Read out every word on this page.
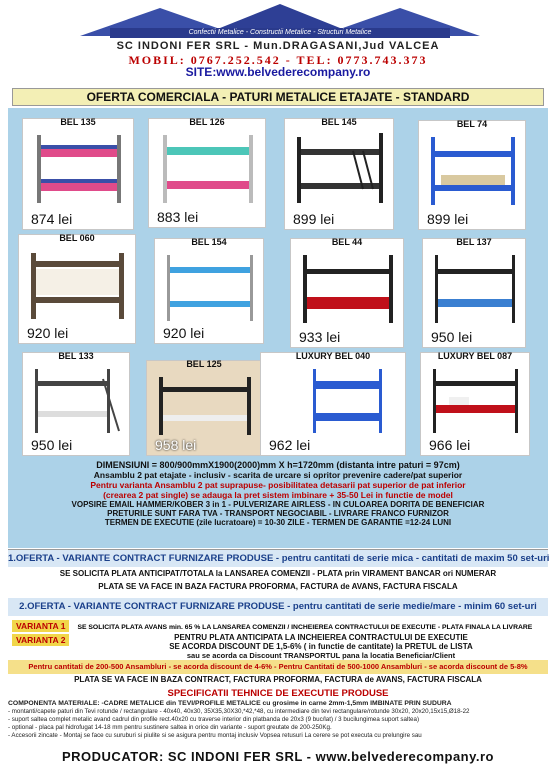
Confectii Metalice - Constructii Metalice - Structuri Metalice
SC INDONI FER SRL - Mun.DRAGASANI,Jud VALCEA
MOBIL: 0767.252.542 - TEL: 0773.743.373
SITE:www.belvederecompany.ro
OFERTA COMERCIALA - PATURI METALICE ETAJATE - STANDARD
BEL 135
874 lei
BEL 126
883 lei
BEL 145
899 lei
BEL 74
899 lei
BEL 060
920 lei
BEL 154
920 lei
BEL 44
933 lei
BEL 137
950 lei
BEL 133
950 lei
BEL 125
958 lei
LUXURY BEL 040
962 lei
LUXURY BEL 087
966 lei
DIMENSIUNI = 800/900mmX1900(2000)mm X h=1720mm (distanta intre paturi = 97cm)
Ansamblu 2 pat etajate - inclusiv - scarita de urcare si opritor prevenire cadere/pat superior
Pentru varianta Ansamblu 2 pat suprapuse- posibilitatea detasarii pat superior de pat inferior
(crearea 2 pat single) se adauga la pret sistem imbinare + 35-50 Lei in functie de model
VOPSIRE EMAIL HAMMER/KOBER 3 in 1 - PULVERIZARE AIRLESS - IN CULOAREA DORITA DE BENEFICIAR
PRETURILE SUNT FARA TVA - TRANSPORT NEGOCIABIL - LIVRARE FRANCO FURNIZOR
TERMEN DE EXECUTIE (zile lucratoare) = 10-30 ZILE - TERMEN DE GARANTIE =12-24 LUNI
1.OFERTA - VARIANTE CONTRACT FURNIZARE PRODUSE - pentru cantitati de serie mica - cantitati de maxim 50 set-uri
SE SOLICITA PLATA ANTICIPAT/TOTALA la LANSAREA COMENZII - PLATA prin VIRAMENT BANCAR ori NUMERAR
PLATA SE VA FACE IN BAZA FACTURA PROFORMA, FACTURA de AVANS, FACTURA FISCALA
2.OFERTA - VARIANTE CONTRACT FURNIZARE PRODUSE - pentru cantitati de serie medie/mare - minim 60 set-uri
VARIANTA 1 SE SOLICITA PLATA AVANS min. 65 % LA LANSAREA COMENZII / INCHEIEREA CONTRACTULUI DE EXECUTIE - PLATA FINALA LA LIVRARE
VARIANTA 2	PENTRU PLATA ANTICIPATA LA INCHEIEREA CONTRACTULUI DE EXECUTIE
SE ACORDA DISCOUNT DE 1,5-6% ( in functie de cantitate) la PRETUL de LISTA
sau se acorda ca Discount TRANSPORTUL pana la locatia Beneficiar/Client
Pentru cantitati de 200-500 Ansambluri - se acorda discount de 4-6% - Pentru Cantitati de 500-1000 Ansambluri - se acorda discount de 5-8%
PLATA SE VA FACE IN BAZA CONTRACT, FACTURA PROFORMA, FACTURA de AVANS, FACTURA FISCALA
SPECIFICATII TEHNICE DE EXECUTIE PRODUSE
COMPONENTA MATERIALE: -CADRE METALICE din TEVI/PROFILE METALICE cu grosime in carne 2mm-1,5mm IMBINATE PRIN SUDURA
- montanti/capete paturi din Tevi rotunde / rectangulare - 40x40, 40x30, 35X35,30X30,*42,*48, cu intermediare din tevi rectangulare/rotunde 30x20, 20x20,15x15,Ø18-22
- suport saltea complet metalic avand cadrul din profile rect.40x20 cu traverse interior din platbanda de 20x3 (9 buc/lat) / 3 bucilungimea suport saltea)
- optional - placa pal hidrofugat 14-18 mm pentru sustinere saltea in orice din variante - suport greutate de 200-250Kg.
- Accesorii zincate - Montaj se face cu suruburi si piulite si se asigura pentru montaj inclusiv Vopsea retusuri La cerere se pot executa cu prelungire sau
PRODUCATOR: SC INDONI FER SRL - www.belvederecompany.ro
